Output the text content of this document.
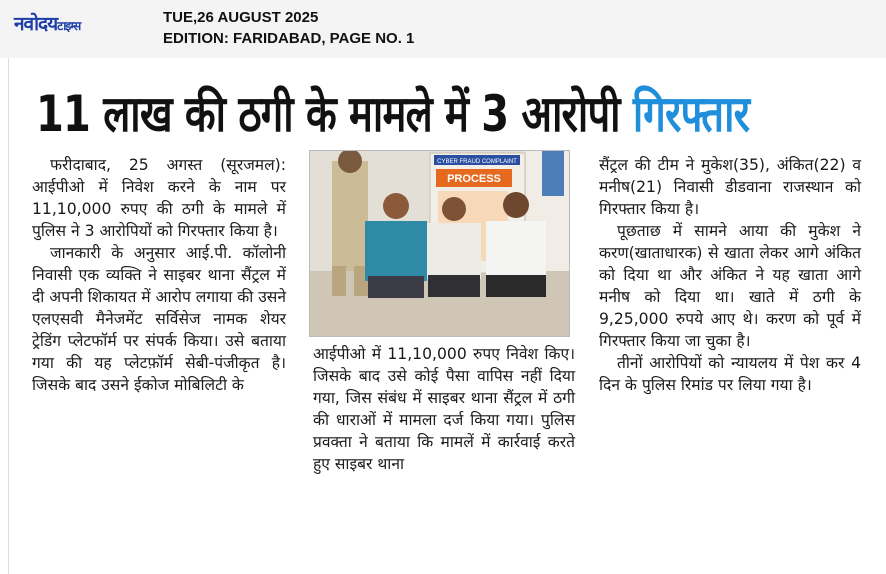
नवोदयटाइम्स	TUE,26 AUGUST 2025
EDITION: FARIDABAD, PAGE NO. 1
11 लाख की ठगी के मामले में 3 आरोपी गिरफ्तार

फरीदाबाद, 25 अगस्त (सूरजमल): आईपीओ में निवेश करने के नाम पर 11,10,000 रुपए की ठगी के मामले में पुलिस ने 3 आरोपियों को गिरफ्तार किया है।

जानकारी के अनुसार आई.पी. कॉलोनी निवासी एक व्यक्ति ने साइबर थाना सैंट्रल में दी अपनी शिकायत में आरोप लगाया की उसने एलएसवी मैनेजमेंट सर्विसेज नामक शेयर ट्रेडिंग प्लेटफॉर्म पर संपर्क किया। उसे बताया गया की यह प्लेटफ़ॉर्म सेबी-पंजीकृत है। जिसके बाद उसने ईकोज मोबिलिटी के

CYBER FRAUD COMPLAINT
PROCESS

आईपीओ में 11,10,000 रुपए निवेश किए। जिसके बाद उसे कोई पैसा वापिस नहीं दिया गया, जिस संबंध में साइबर थाना सैंट्रल में ठगी की धाराओं में मामला दर्ज किया गया। पुलिस प्रवक्ता ने बताया कि मामलें में कार्रवाई करते हुए साइबर थाना

सैंट्रल की टीम ने मुकेश(35), अंकित(22) व मनीष(21) निवासी डीडवाना राजस्थान को गिरफ्तार किया है।

पूछताछ में सामने आया की मुकेश ने करण(खाताधारक) से खाता लेकर आगे अंकित को दिया था और अंकित ने यह खाता आगे मनीष को दिया था। खाते में ठगी के 9,25,000 रुपये आए थे। करण को पूर्व में गिरफ्तार किया जा चुका है।

तीनों आरोपियों को न्यायलय में पेश कर 4 दिन के पुलिस रिमांड पर लिया गया है।
